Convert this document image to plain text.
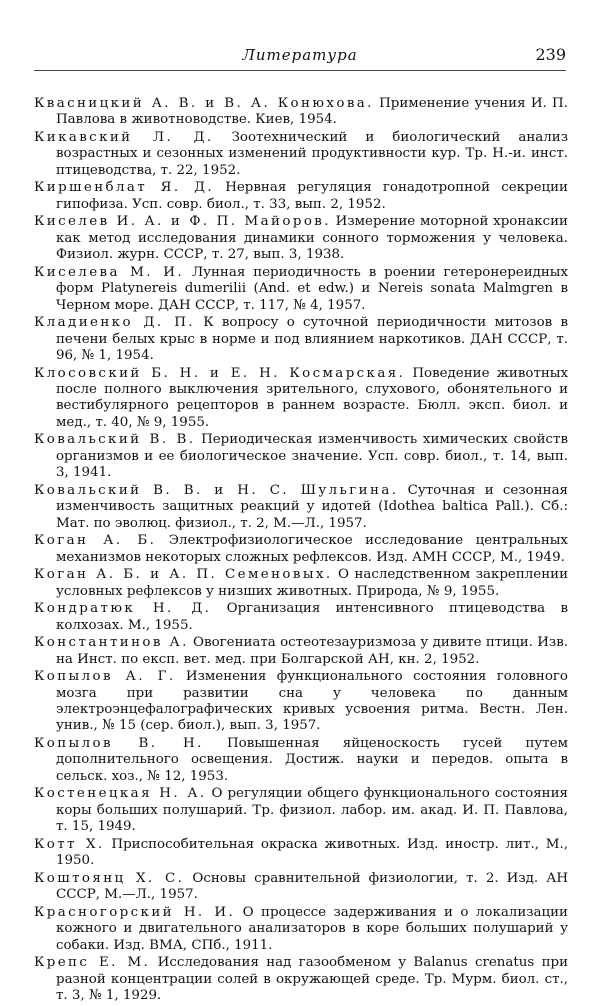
Литература	239

Квасницкий А. В. и В. А. Конюхова. Применение учения И. П. Павлова в животноводстве. Киев, 1954.

Кикавский Л. Д. Зоотехнический и биологический анализ возрастных и сезонных изменений продуктивности кур. Тр. Н.-и. инст. птицеводства, т. 22, 1952.

Киршенблат Я. Д. Нервная регуляция гонадотропной секреции гипофиза. Усп. совр. биол., т. 33, вып. 2, 1952.

Киселев И. А. и Ф. П. Майоров. Измерение моторной хронаксии как метод исследования динамики сонного торможения у человека. Физиол. журн. СССР, т. 27, вып. 3, 1938.

Киселева М. И. Лунная периодичность в роении гетеронереидных форм Platynereis dumerilii (And. et edw.) и Nereis sonata Malmgren в Черном море. ДАН СССР, т. 117, № 4, 1957.

Кладиенко Д. П. К вопросу о суточной периодичности митозов в печени белых крыс в норме и под влиянием наркотиков. ДАН СССР, т. 96, № 1, 1954.

Клосовский Б. Н. и Е. Н. Космарская. Поведение животных после полного выключения зрительного, слухового, обонятельного и вестибулярного рецепторов в раннем возрасте. Бюлл. эксп. биол. и мед., т. 40, № 9, 1955.

Ковальский В. В. Периодическая изменчивость химических свойств организмов и ее биологическое значение. Усп. совр. биол., т. 14, вып. 3, 1941.

Ковальский В. В. и Н. С. Шульгина. Суточная и сезонная изменчивость защитных реакций у идотей (Idothea baltica Pall.). Сб.: Мат. по эволюц. физиол., т. 2, М.—Л., 1957.

Коган А. Б. Электрофизиологическое исследование центральных механизмов некоторых сложных рефлексов. Изд. АМН СССР, М., 1949.

Коган А. Б. и А. П. Семеновых. О наследственном закреплении условных рефлексов у низших животных. Природа, № 9, 1955.

Кондратюк Н. Д. Организация интенсивного птицеводства в колхозах. М., 1955.

Константинов А. Овогениата остеотезауризмоза у дивите птици. Изв. на Инст. по експ. вет. мед. при Болгарской АН, кн. 2, 1952.

Копылов А. Г. Изменения функционального состояния головного мозга при развитии сна у человека по данным электроэнцефалографических кривых усвоения ритма. Вестн. Лен. унив., № 15 (сер. биол.), вып. 3, 1957.

Копылов В. Н. Повышенная яйценоскость гусей путем дополнительного освещения. Достиж. науки и передов. опыта в сельск. хоз., № 12, 1953.

Костенецкая Н. А. О регуляции общего функционального состояния коры больших полушарий. Тр. физиол. лабор. им. акад. И. П. Павлова, т. 15, 1949.

Котт Х. Приспособительная окраска животных. Изд. иностр. лит., М., 1950.

Коштоянц Х. С. Основы сравнительной физиологии, т. 2. Изд. АН СССР, М.—Л., 1957.

Красногорский Н. И. О процессе задерживания и о локализации кожного и двигательного анализаторов в коре больших полушарий у собаки. Изд. ВМА, СПб., 1911.

Крепс Е. М. Исследования над газообменом у Balanus crenatus при разной концентрации солей в окружающей среде. Тр. Мурм. биол. ст., т. 3, № 1, 1929.
